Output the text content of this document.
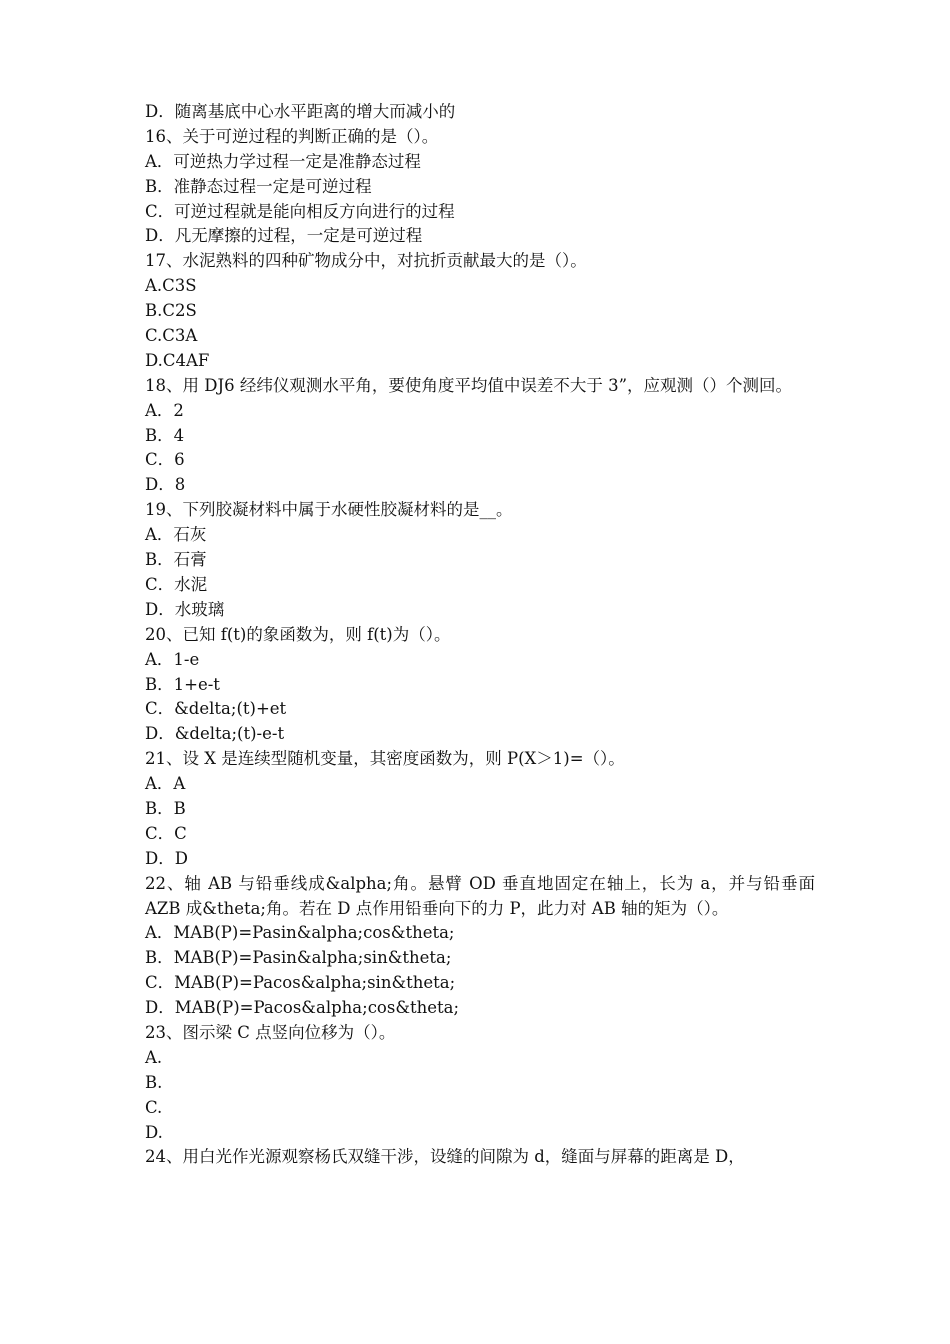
D．随离基底中心水平距离的增大而减小的
16、关于可逆过程的判断正确的是（）。
A．可逆热力学过程一定是准静态过程
B．准静态过程一定是可逆过程
C．可逆过程就是能向相反方向进行的过程
D．凡无摩擦的过程，一定是可逆过程
17、水泥熟料的四种矿物成分中，对抗折贡献最大的是（）。
A.C3S
B.C2S
C.C3A
D.C4AF
18、用 DJ6 经纬仪观测水平角，要使角度平均值中误差不大于 3”，应观测（）个测回。
A．2
B．4
C．6
D．8
19、下列胶凝材料中属于水硬性胶凝材料的是__。
A．石灰
B．石膏
C．水泥
D．水玻璃
20、已知 f(t)的象函数为，则 f(t)为（）。
A．1-e
B．1+e-t
C．&delta;(t)+et
D．&delta;(t)-e-t
21、设 X 是连续型随机变量，其密度函数为，则 P(X＞1)=（）。
A．A
B．B
C．C
D．D
22、轴 AB 与铅垂线成&alpha;角。悬臂 OD 垂直地固定在轴上，长为 a，并与铅垂面 AZB 成&theta;角。若在 D 点作用铅垂向下的力 P，此力对 AB 轴的矩为（）。
A．MAB(P)=Pasin&alpha;cos&theta;
B．MAB(P)=Pasin&alpha;sin&theta;
C．MAB(P)=Pacos&alpha;sin&theta;
D．MAB(P)=Pacos&alpha;cos&theta;
23、图示梁 C 点竖向位移为（）。
A.
B.
C.
D.
24、用白光作光源观察杨氏双缝干涉，设缝的间隙为 d，缝面与屏幕的距离是 D，
